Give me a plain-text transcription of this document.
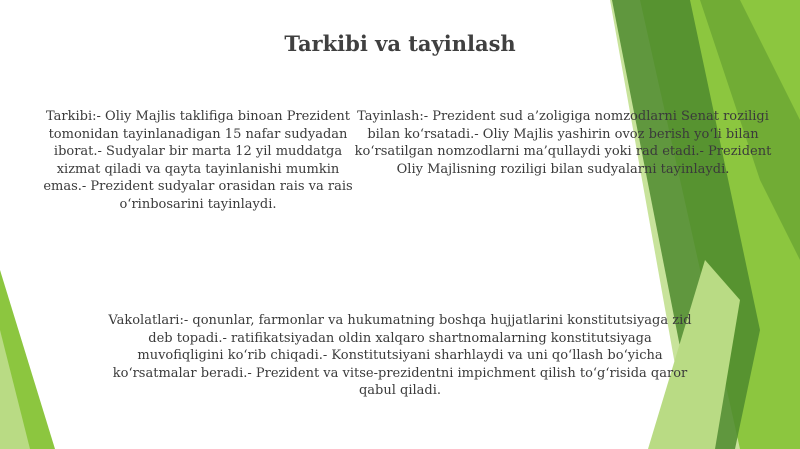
Tarkibi va tayinlash

Tarkibi:- Oliy Majlis taklifiga binoan Prezident tomonidan tayinlanadigan 15 nafar sudyadan iborat.- Sudyalar bir marta 12 yil muddatga xizmat qiladi va qayta tayinlanishi mumkin emas.- Prezident sudyalar orasidan rais va rais o‘rinbosarini tayinlaydi.

Tayinlash:- Prezident sud a’zoligiga nomzodlarni Senat roziligi bilan ko‘rsatadi.- Oliy Majlis yashirin ovoz berish yo‘li bilan ko‘rsatilgan nomzodlarni ma’qullaydi yoki rad etadi.- Prezident Oliy Majlisning roziligi bilan sudyalarni tayinlaydi.

Vakolatlari:- qonunlar, farmonlar va hukumatning boshqa hujjatlarini konstitutsiyaga zid deb topadi.- ratifikatsiyadan oldin xalqaro shartnomalarning konstitutsiyaga muvofiqligini ko‘rib chiqadi.- Konstitutsiyani sharhlaydi va uni qo‘llash bo‘yicha ko‘rsatmalar beradi.- Prezident va vitse-prezidentni impichment qilish to‘g‘risida qaror qabul qiladi.
